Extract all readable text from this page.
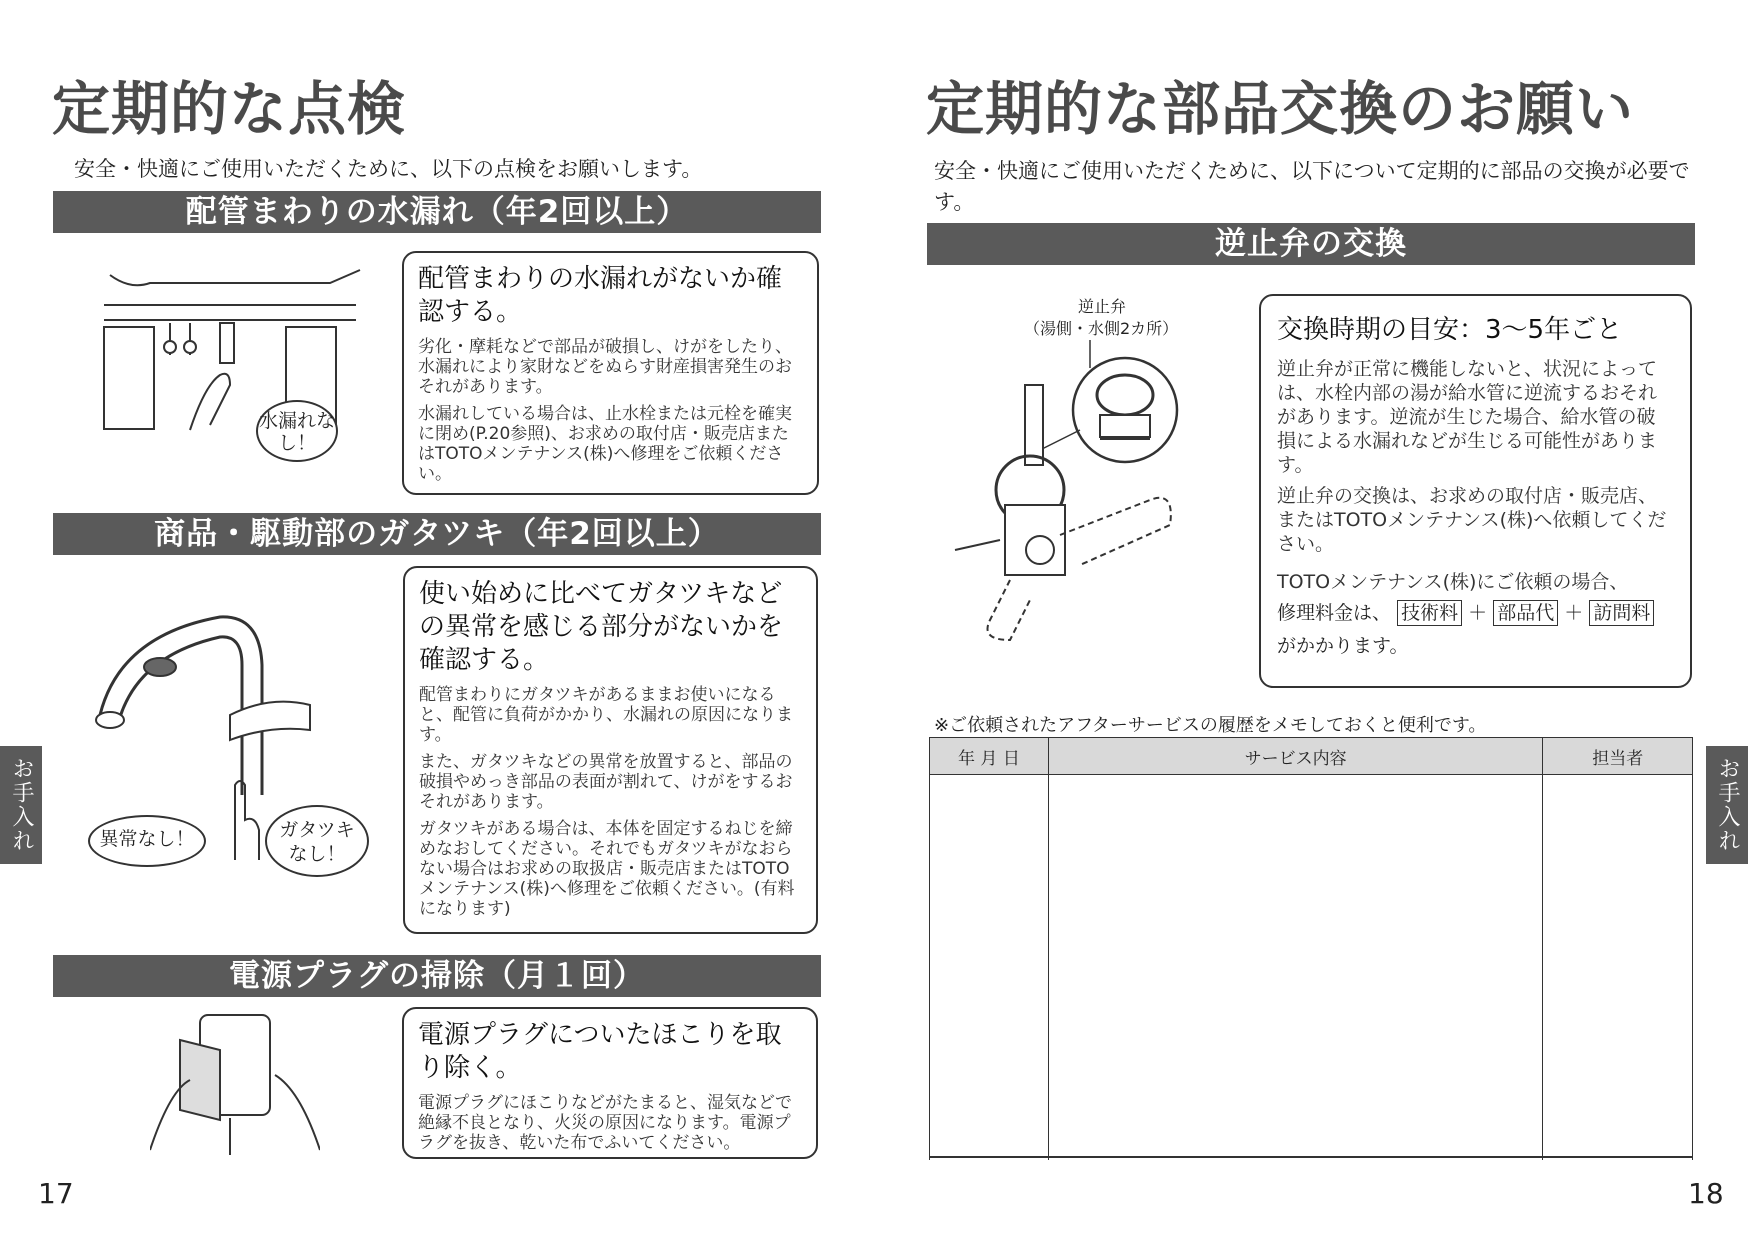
定期的な点検
安全・快適にご使用いただくために、以下の点検をお願いします。
配管まわりの水漏れ（年2回以上）
水漏れなし！

配管まわりの水漏れがないか確認する。

劣化・摩耗などで部品が破損し、けがをしたり、水漏れにより家財などをぬらす財産損害発生のおそれがあります。

水漏れしている場合は、止水栓または元栓を確実に閉め(P.20参照)、お求めの取付店・販売店またはTOTOメンテナンス(株)へ修理をご依頼ください。

商品・駆動部のガタツキ（年2回以上）
異常なし！	ガタツキなし！

使い始めに比べてガタツキなどの異常を感じる部分がないかを確認する。

配管まわりにガタツキがあるままお使いになると、配管に負荷がかかり、水漏れの原因になります。

また、ガタツキなどの異常を放置すると、部品の破損やめっき部品の表面が割れて、けがをするおそれがあります。

ガタツキがある場合は、本体を固定するねじを締めなおしてください。それでもガタツキがなおらない場合はお求めの取扱店・販売店またはTOTOメンテナンス(株)へ修理をご依頼ください。(有料になります)

電源プラグの掃除（月１回）

電源プラグについたほこりを取り除く。

電源プラグにほこりなどがたまると、湿気などで絶縁不良となり、火災の原因になります。電源プラグを抜き、乾いた布でふいてください。

お手入れ
17
定期的な部品交換のお願い
安全・快適にご使用いただくために、以下について定期的に部品の交換が必要です。
逆止弁の交換
逆止弁
（湯側・水側2カ所）	交換時期の目安：3～5年ごと

逆止弁が正常に機能しないと、状況によっては、水栓内部の湯が給水管に逆流するおそれがあります。逆流が生じた場合、給水管の破損による水漏れなどが生じる可能性があります。

逆止弁の交換は、お求めの取付店・販売店、またはTOTOメンテナンス(株)へ依頼してください。

TOTOメンテナンス(株)にご依頼の場合、

修理料金は、 技術料 ＋ 部品代 ＋ 訪問料
がかかります。
※ご依頼されたアフターサービスの履歴をメモしておくと便利です。
年 月 日	サービス内容	担当者
			お手入れ
18
